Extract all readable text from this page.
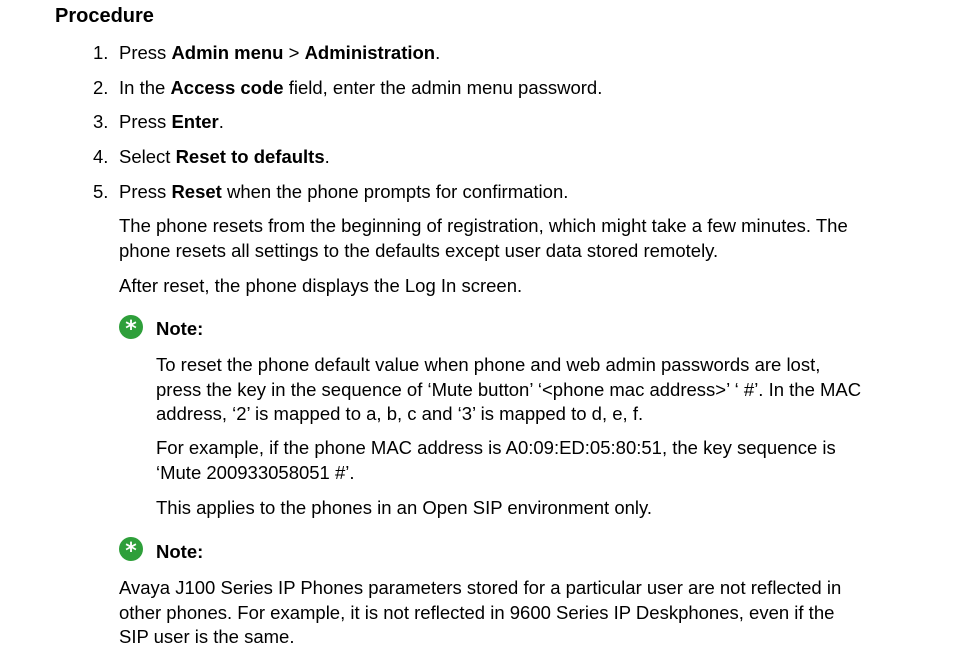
Procedure
1. Press Admin menu > Administration.
2. In the Access code field, enter the admin menu password.
3. Press Enter.
4. Select Reset to defaults.
5. Press Reset when the phone prompts for confirmation.
The phone resets from the beginning of registration, which might take a few minutes. The
phone resets all settings to the defaults except user data stored remotely.
After reset, the phone displays the Log In screen.
*	Note:
To reset the phone default value when phone and web admin passwords are lost,
press the key in the sequence of ‘Mute button’ ‘<phone mac address>’ ‘ #’. In the MAC
address, ‘2’ is mapped to a, b, c and ‘3’ is mapped to d, e, f.
For example, if the phone MAC address is A0:09:ED:05:80:51, the key sequence is
‘Mute 200933058051 #’.
This applies to the phones in an Open SIP environment only.
*	Note:
Avaya J100 Series IP Phones parameters stored for a particular user are not reflected in
other phones. For example, it is not reflected in 9600 Series IP Deskphones, even if the
SIP user is the same.
